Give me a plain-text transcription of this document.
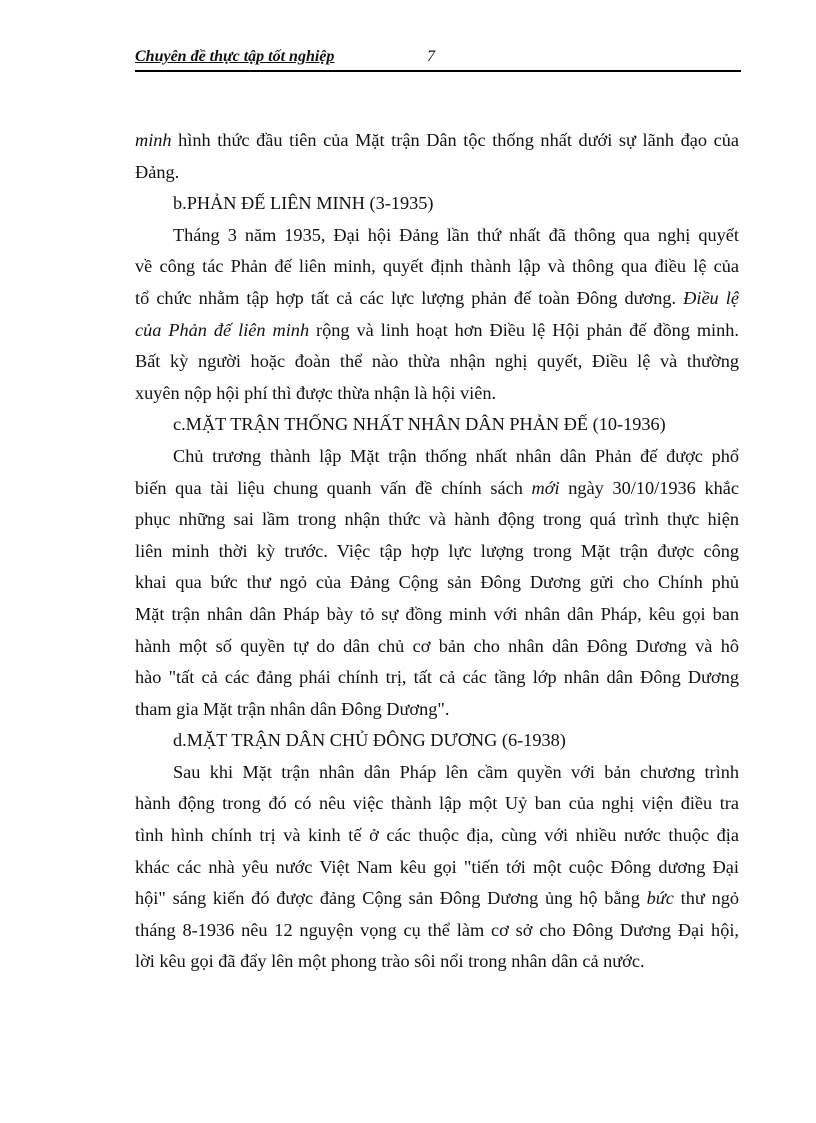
Chuyên đề thực tập tốt nghiệp	7

minh hình thức đầu tiên của Mặt trận Dân tộc thống nhất dưới sự lãnh đạo của
Đảng.

b.PHẢN ĐẾ LIÊN MINH (3-1935)

Tháng 3 năm 1935, Đại hội Đảng lần thứ nhất đã thông qua nghị quyết
về công tác Phản đế liên minh, quyết định thành lập và thông qua điều lệ của
tổ chức nhằm tập hợp tất cả các lực lượng phản đế toàn Đông dương. Điều lệ
của Phản đế liên minh rộng và linh hoạt hơn Điều lệ Hội phản đế đồng minh.
Bất kỳ người hoặc đoàn thể nào thừa nhận nghị quyết, Điều lệ và thường
xuyên nộp hội phí thì được thừa nhận là hội viên.

c.MẶT TRẬN THỐNG NHẤT NHÂN DÂN PHẢN ĐẾ (10-1936)

Chủ trương thành lập Mặt trận thống nhất nhân dân Phản đế được phổ
biến qua tài liệu chung quanh vấn đề chính sách mới ngày 30/10/1936 khắc
phục những sai lầm trong nhận thức và hành động trong quá trình thực hiện
liên minh thời kỳ trước. Việc tập hợp lực lượng trong Mặt trận được công
khai qua bức thư ngỏ của Đảng Cộng sản Đông Dương gửi cho Chính phủ
Mặt trận nhân dân Pháp bày tỏ sự đồng minh với nhân dân Pháp, kêu gọi ban
hành một số quyền tự do dân chủ cơ bản cho nhân dân Đông Dương và hô
hào "tất cả các đảng phái chính trị, tất cả các tầng lớp nhân dân Đông Dương
tham gia Mặt trận nhân dân Đông Dương".

d.MẶT TRẬN DÂN CHỦ ĐÔNG DƯƠNG (6-1938)

Sau khi Mặt trận nhân dân Pháp lên cầm quyền với bản chương trình
hành động trong đó có nêu việc thành lập một Uỷ ban của nghị viện điều tra
tình hình chính trị và kinh tế ở các thuộc địa, cùng với nhiều nước thuộc địa
khác các nhà yêu nước Việt Nam kêu gọi "tiến tới một cuộc Đông dương Đại
hội" sáng kiến đó được đảng Cộng sản Đông Dương ủng hộ bằng bức thư ngỏ
tháng 8-1936 nêu 12 nguyện vọng cụ thể làm cơ sở cho Đông Dương Đại hội,
lời kêu gọi đã đẩy lên một phong trào sôi nổi trong nhân dân cả nước.
